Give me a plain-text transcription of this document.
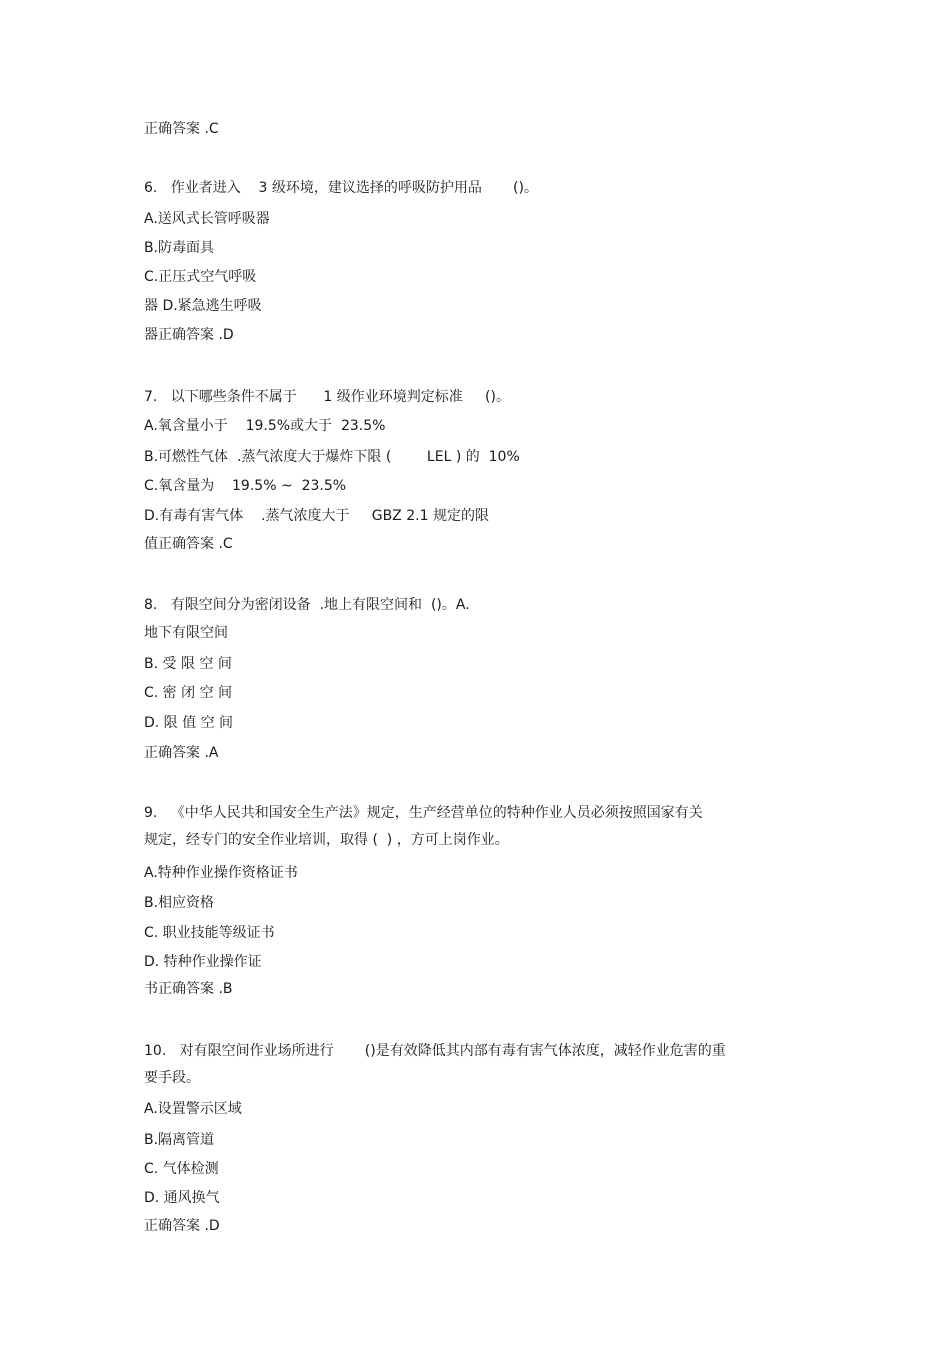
正确答案 .C
6.   作业者进入    3 级环境，建议选择的呼吸防护用品       ()。
A.送风式长管呼吸器
B.防毒面具
C.正压式空气呼吸
器 D.紧急逃生呼吸
器正确答案 .D
7.   以下哪些条件不属于      1 级作业环境判定标准     ()。
A.氧含量小于    19.5%或大于  23.5%
B.可燃性气体  .蒸气浓度大于爆炸下限 (        LEL ) 的  10%
C.氧含量为    19.5% ~  23.5%
D.有毒有害气体    .蒸气浓度大于     GBZ 2.1 规定的限
值正确答案 .C
8.   有限空间分为密闭设备  .地上有限空间和  ()。A.
地下有限空间
B. 受 限 空 间
C. 密 闭 空 间
D. 限 值 空 间
正确答案 .A
9.   《中华人民共和国安全生产法》规定，生产经营单位的特种作业人员必须按照国家有关
规定，经专门的安全作业培训，取得 (  ) ，方可上岗作业。
A.特种作业操作资格证书
B.相应资格
C. 职业技能等级证书
D. 特种作业操作证
书正确答案 .B
10.   对有限空间作业场所进行       ()是有效降低其内部有毒有害气体浓度，减轻作业危害的重
要手段。
A.设置警示区域
B.隔离管道
C. 气体检测
D. 通风换气
正确答案 .D
